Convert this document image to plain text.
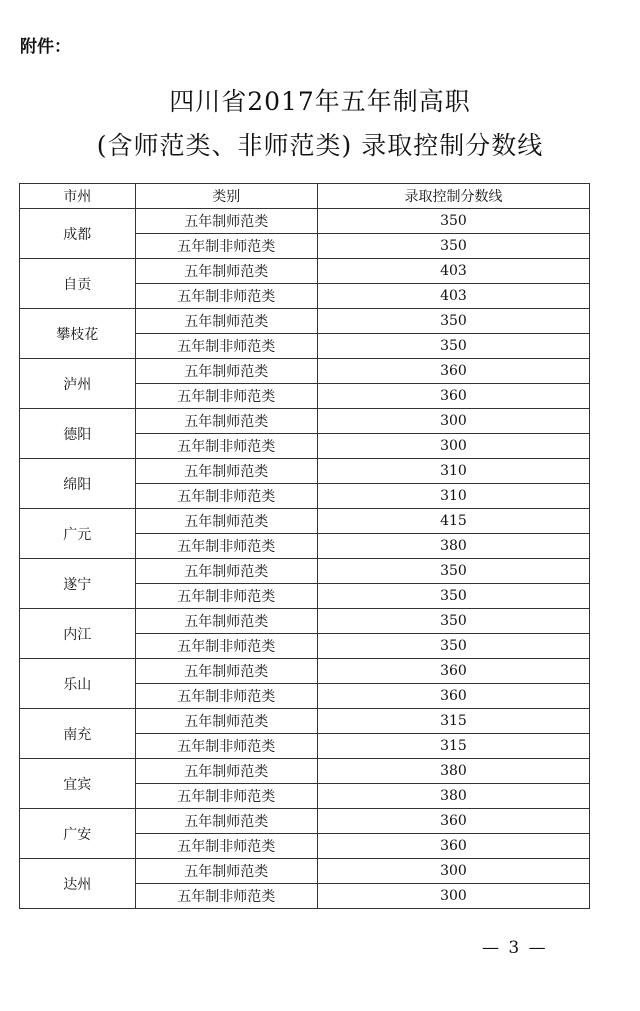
附件：
四川省2017年五年制高职
(含师范类、非师范类) 录取控制分数线
市州	类别	录取控制分数线
成都	五年制师范类	350
	五年制非师范类	350
自贡	五年制师范类	403
	五年制非师范类	403
攀枝花	五年制师范类	350
	五年制非师范类	350
泸州	五年制师范类	360
	五年制非师范类	360
德阳	五年制师范类	300
	五年制非师范类	300
绵阳	五年制师范类	310
	五年制非师范类	310
广元	五年制师范类	415
	五年制非师范类	380
遂宁	五年制师范类	350
	五年制非师范类	350
内江	五年制师范类	350
	五年制非师范类	350
乐山	五年制师范类	360
	五年制非师范类	360
南充	五年制师范类	315
	五年制非师范类	315
宜宾	五年制师范类	380
	五年制非师范类	380
广安	五年制师范类	360
	五年制非师范类	360
达州	五年制师范类	300
	五年制非师范类	300
— 3 —
